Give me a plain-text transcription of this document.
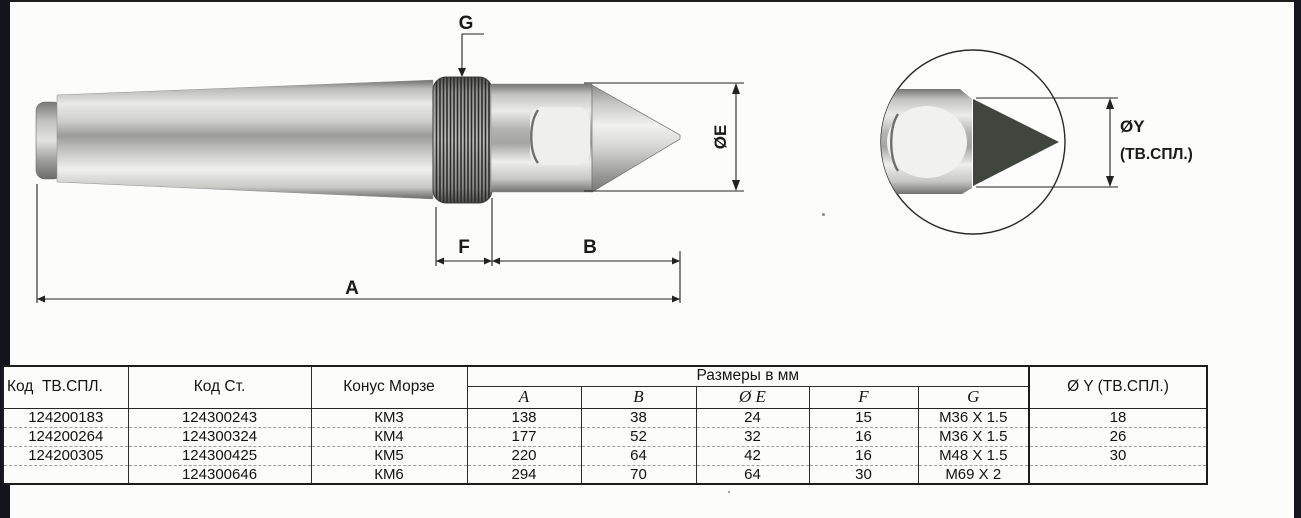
G
ØE
F	B
A
ØY
(ТВ.СПЛ.)
Код  ТВ.СПЛ.	Код Ст.	Конус Морзе	Размеры в мм					Ø Y (ТВ.СПЛ.)
			A	B	Ø E	F	G	
124200183	124300243	КМ3	138	38	24	15	M36 X 1.5	18
124200264	124300324	КМ4	177	52	32	16	M36 X 1.5	26
124200305	124300425	КМ5	220	64	42	16	M48 X 1.5	30
	124300646	КМ6	294	70	64	30	M69 X 2	
